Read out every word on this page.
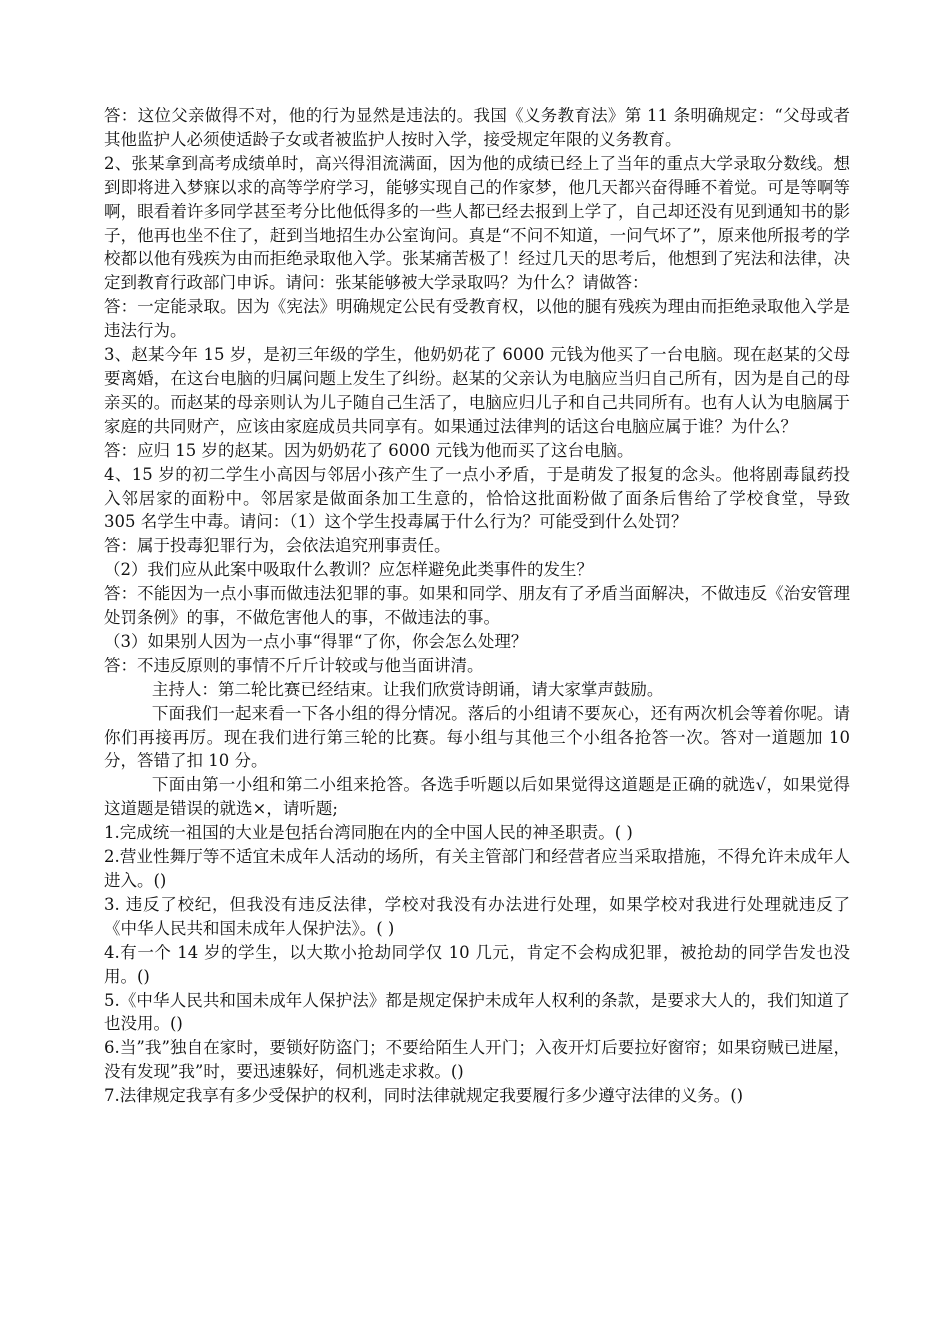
答：这位父亲做得不对，他的行为显然是违法的。我国《义务教育法》第 11 条明确规定：“父母或者其他监护人必须使适龄子女或者被监护人按时入学，接受规定年限的义务教育。

2、张某拿到高考成绩单时，高兴得泪流满面，因为他的成绩已经上了当年的重点大学录取分数线。想到即将进入梦寐以求的高等学府学习，能够实现自己的作家梦，他几天都兴奋得睡不着觉。可是等啊等啊，眼看着许多同学甚至考分比他低得多的一些人都已经去报到上学了，自己却还没有见到通知书的影子，他再也坐不住了，赶到当地招生办公室询问。真是“不问不知道，一问气坏了”，原来他所报考的学校都以他有残疾为由而拒绝录取他入学。张某痛苦极了！经过几天的思考后，他想到了宪法和法律，决定到教育行政部门申诉。请问：张某能够被大学录取吗？为什么？请做答：

答：一定能录取。因为《宪法》明确规定公民有受教育权，以他的腿有残疾为理由而拒绝录取他入学是违法行为。

3、赵某今年 15 岁，是初三年级的学生，他奶奶花了 6000 元钱为他买了一台电脑。现在赵某的父母要离婚，在这台电脑的归属问题上发生了纠纷。赵某的父亲认为电脑应当归自己所有，因为是自己的母亲买的。而赵某的母亲则认为儿子随自己生活了，电脑应归儿子和自己共同所有。也有人认为电脑属于家庭的共同财产，应该由家庭成员共同享有。如果通过法律判的话这台电脑应属于谁？为什么？

答：应归 15 岁的赵某。因为奶奶花了 6000 元钱为他而买了这台电脑。

4、15 岁的初二学生小高因与邻居小孩产生了一点小矛盾，于是萌发了报复的念头。他将剧毒鼠药投入邻居家的面粉中。邻居家是做面条加工生意的，恰恰这批面粉做了面条后售给了学校食堂，导致 305 名学生中毒。请问：（1）这个学生投毒属于什么行为？可能受到什么处罚？

答：属于投毒犯罪行为，会依法追究刑事责任。

（2）我们应从此案中吸取什么教训？应怎样避免此类事件的发生？

答：不能因为一点小事而做违法犯罪的事。如果和同学、朋友有了矛盾当面解决，不做违反《治安管理处罚条例》的事，不做危害他人的事，不做违法的事。

（3）如果别人因为一点小事“得罪“了你，你会怎么处理？

答：不违反原则的事情不斤斤计较或与他当面讲清。

主持人：第二轮比赛已经结束。让我们欣赏诗朗诵，请大家掌声鼓励。

下面我们一起来看一下各小组的得分情况。落后的小组请不要灰心，还有两次机会等着你呢。请你们再接再厉。现在我们进行第三轮的比赛。每小组与其他三个小组各抢答一次。答对一道题加 10 分，答错了扣 10 分。

下面由第一小组和第二小组来抢答。各选手听题以后如果觉得这道题是正确的就选√，如果觉得这道题是错误的就选×，请听题;

1.完成统一祖国的大业是包括台湾同胞在内的全中国人民的神圣职责。( )

2.营业性舞厅等不适宜未成年人活动的场所，有关主管部门和经营者应当采取措施，不得允许未成年人进入。()

3. 违反了校纪，但我没有违反法律，学校对我没有办法进行处理，如果学校对我进行处理就违反了《中华人民共和国未成年人保护法》。( )

4.有一个 14 岁的学生，以大欺小抢劫同学仅 10 几元，肯定不会构成犯罪，被抢劫的同学告发也没用。()

5.《中华人民共和国未成年人保护法》都是规定保护未成年人权利的条款，是要求大人的，我们知道了也没用。()

6.当”我”独自在家时，要锁好防盗门；不要给陌生人开门；入夜开灯后要拉好窗帘；如果窃贼已进屋，没有发现”我”时，要迅速躲好，伺机逃走求救。()

7.法律规定我享有多少受保护的权利，同时法律就规定我要履行多少遵守法律的义务。()
